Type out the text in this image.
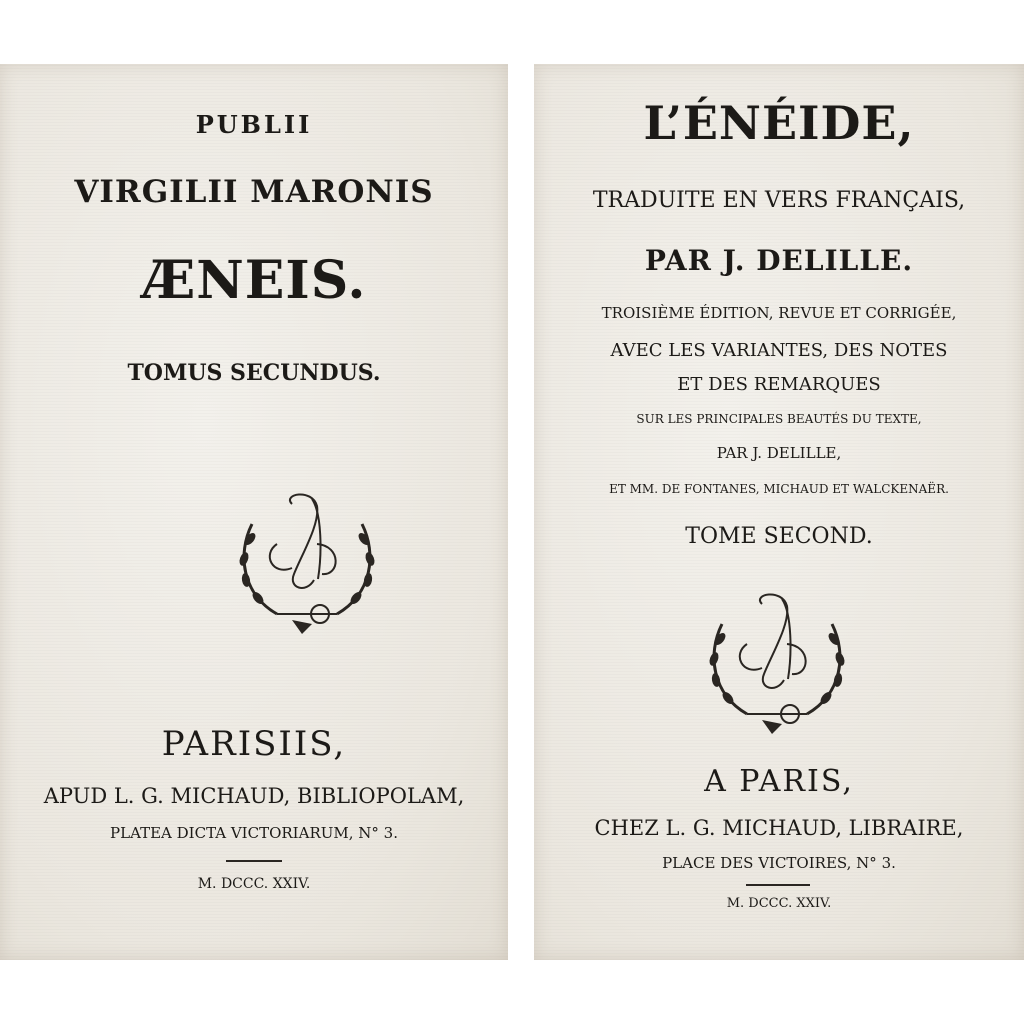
PUBLII
VIRGILII MARONIS
ÆNEIS.
TOMUS SECUNDUS.
PARISIIS,
APUD L. G. MICHAUD, BIBLIOPOLAM,
PLATEA DICTA VICTORIARUM, N° 3.
M. DCCC. XXIV.
L’ÉNÉIDE,
TRADUITE EN VERS FRANÇAIS,
PAR J. DELILLE.
TROISIÈME ÉDITION, REVUE ET CORRIGÉE,
AVEC LES VARIANTES, DES NOTES
ET DES REMARQUES
SUR LES PRINCIPALES BEAUTÉS DU TEXTE,
PAR J. DELILLE,
ET MM. DE FONTANES, MICHAUD ET WALCKENAËR.
TOME SECOND.
A PARIS,
CHEZ L. G. MICHAUD, LIBRAIRE,
PLACE DES VICTOIRES, N° 3.
M. DCCC. XXIV.
